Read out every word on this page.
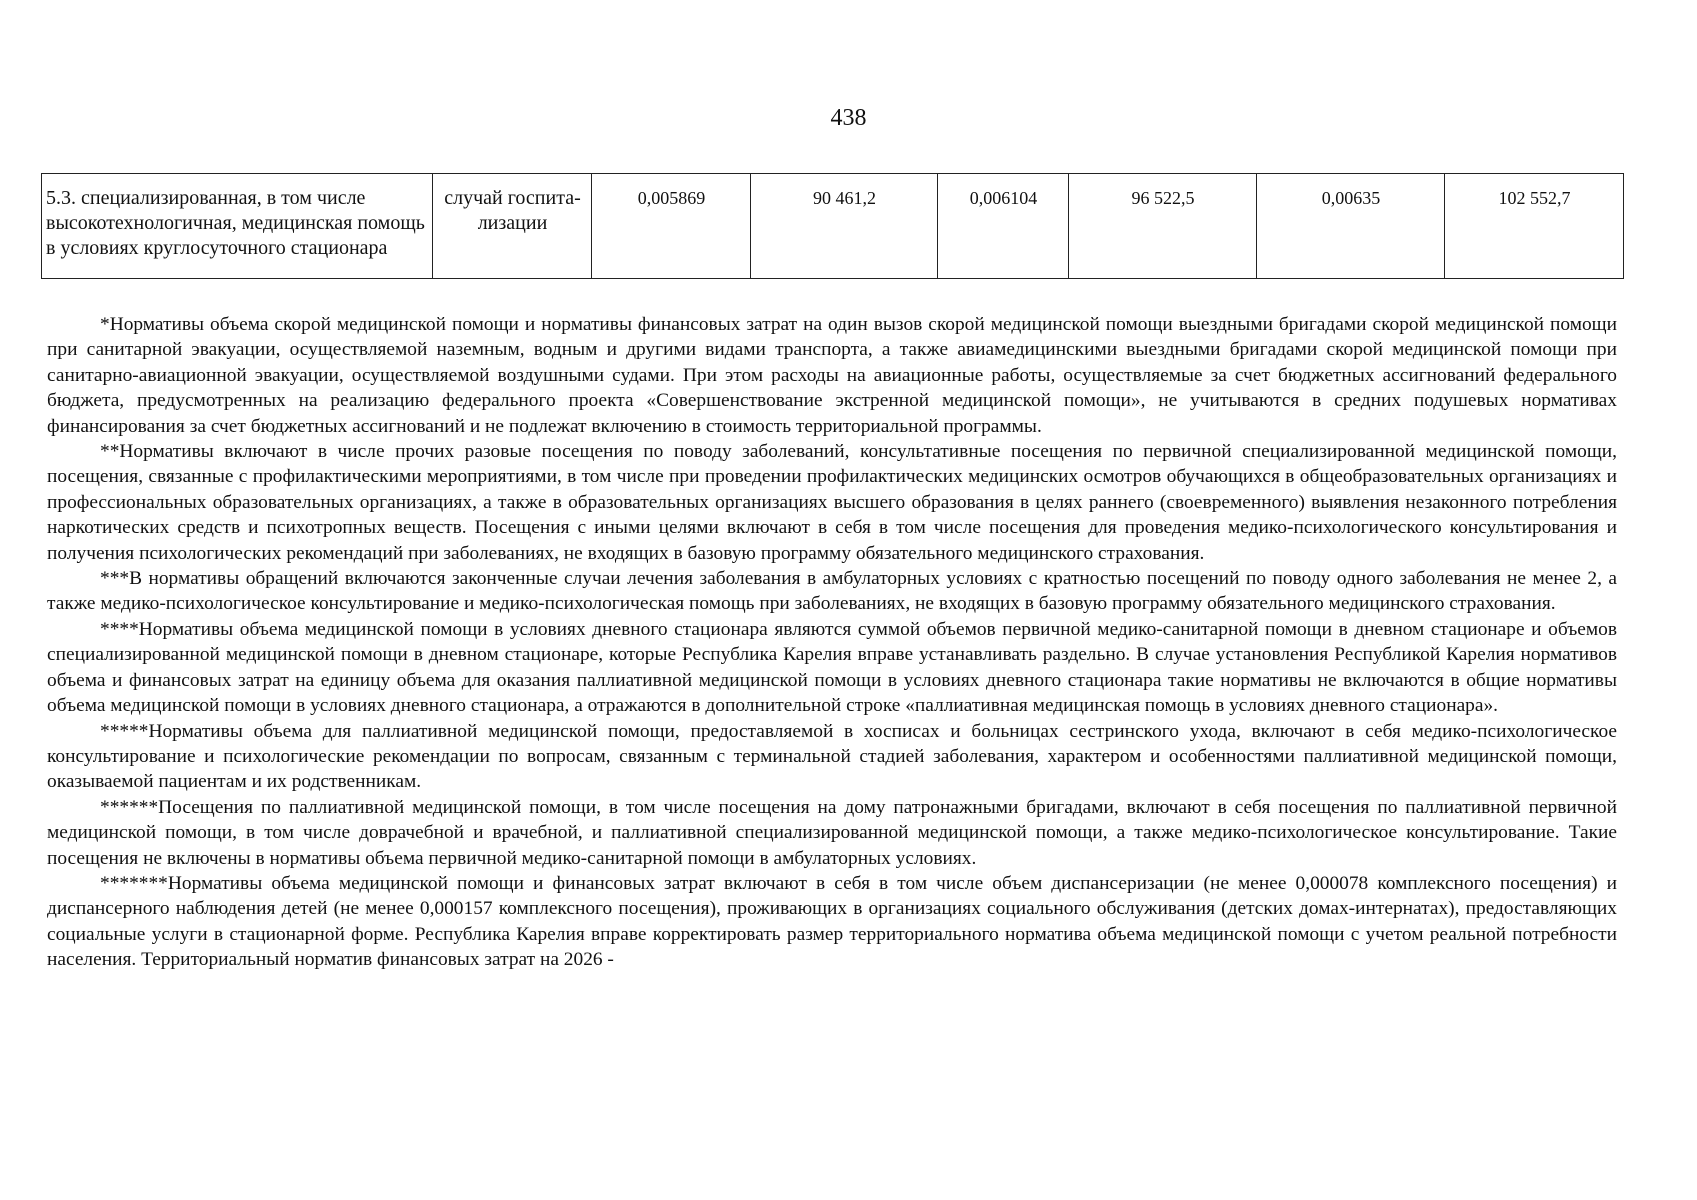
438
5.3. специализированная, в том числе высокотехнологичная, медицинская помощь в условиях круглосуточного стационара	случай госпита-лизации	0,005869	90 461,2	0,006104	96 522,5	0,00635	102 552,7

*Нормативы объема скорой медицинской помощи и нормативы финансовых затрат на один вызов скорой медицинской помощи выездными бригадами скорой медицинской помощи при санитарной эвакуации, осуществляемой наземным, водным и другими видами транспорта, а также авиамедицинскими выездными бригадами скорой медицинской помощи при санитарно-авиационной эвакуации, осуществляемой воздушными судами. При этом расходы на авиационные работы, осуществляемые за счет бюджетных ассигнований федерального бюджета, предусмотренных на реализацию федерального проекта «Совершенствование экстренной медицинской помощи», не учитываются в средних подушевых нормативах финансирования за счет бюджетных ассигнований и не подлежат включению в стоимость территориальной программы.

**Нормативы включают в числе прочих разовые посещения по поводу заболеваний, консультативные посещения по первичной специализированной медицинской помощи, посещения, связанные с профилактическими мероприятиями, в том числе при проведении профилактических медицинских осмотров обучающихся в общеобразовательных организациях и профессиональных образовательных организациях, а также в образовательных организациях высшего образования в целях раннего (своевременного) выявления незаконного потребления наркотических средств и психотропных веществ. Посещения с иными целями включают в себя в том числе посещения для проведения медико-психологического консультирования и получения психологических рекомендаций при заболеваниях, не входящих в базовую программу обязательного медицинского страхования.

***В нормативы обращений включаются законченные случаи лечения заболевания в амбулаторных условиях с кратностью посещений по поводу одного заболевания не менее 2, а также медико-психологическое консультирование и медико-психологическая помощь при заболеваниях, не входящих в базовую программу обязательного медицинского страхования.

****Нормативы объема медицинской помощи в условиях дневного стационара являются суммой объемов первичной медико-санитарной помощи в дневном стационаре и объемов специализированной медицинской помощи в дневном стационаре, которые Республика Карелия вправе устанавливать раздельно. В случае установления Республикой Карелия нормативов объема и финансовых затрат на единицу объема для оказания паллиативной медицинской помощи в условиях дневного стационара такие нормативы не включаются в общие нормативы объема медицинской помощи в условиях дневного стационара, а отражаются в дополнительной строке «паллиативная медицинская помощь в условиях дневного стационара».

*****Нормативы объема для паллиативной медицинской помощи, предоставляемой в хосписах и больницах сестринского ухода, включают в себя медико-психологическое консультирование и психологические рекомендации по вопросам, связанным с терминальной стадией заболевания, характером и особенностями паллиативной медицинской помощи, оказываемой пациентам и их родственникам.

******Посещения по паллиативной медицинской помощи, в том числе посещения на дому патронажными бригадами, включают в себя посещения по паллиативной первичной медицинской помощи, в том числе доврачебной и врачебной, и паллиативной специализированной медицинской помощи, а также медико-психологическое консультирование. Такие посещения не включены в нормативы объема первичной медико-санитарной помощи в амбулаторных условиях.

*******Нормативы объема медицинской помощи и финансовых затрат включают в себя в том числе объем диспансеризации (не менее 0,000078 комплексного посещения) и диспансерного наблюдения детей (не менее 0,000157 комплексного посещения), проживающих в организациях социального обслуживания (детских домах-интернатах), предоставляющих социальные услуги в стационарной форме. Республика Карелия вправе корректировать размер территориального норматива объема медицинской помощи с учетом реальной потребности населения. Территориальный норматив финансовых затрат на 2026 -
